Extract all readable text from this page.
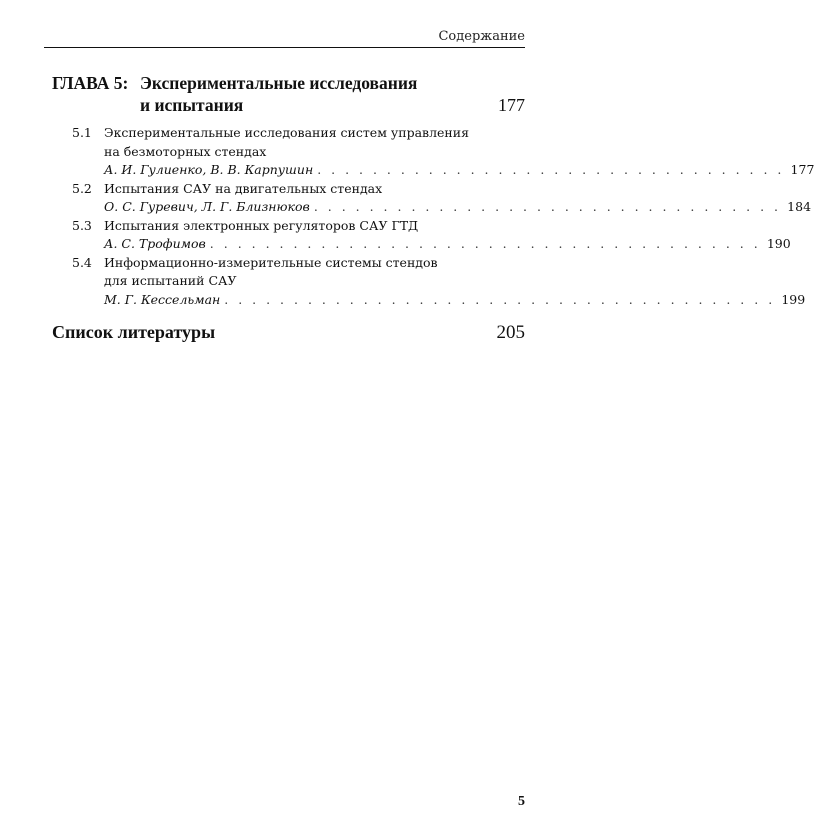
Содержание
ГЛАВА 5: Экспериментальные исследования
и испытания	177
5.1 Экспериментальные исследования систем управления
на безмоторных стендах
А. И. Гулиенко, В. В. Карпушин . . . . . . . . . . . . . . . . . . . . . . . . . . . . . . . . . . 177
5.2 Испытания САУ на двигательных стендах
О. С. Гуревич, Л. Г. Близнюков . . . . . . . . . . . . . . . . . . . . . . . . . . . . . . . . . . 184
5.3 Испытания электронных регуляторов САУ ГТД
А. С. Трофимов . . . . . . . . . . . . . . . . . . . . . . . . . . . . . . . . . . . . . . . . 190
5.4 Информационно-измерительные системы стендов
для испытаний САУ
М. Г. Кессельман . . . . . . . . . . . . . . . . . . . . . . . . . . . . . . . . . . . . . . . . 199
Список литературы	205
5
